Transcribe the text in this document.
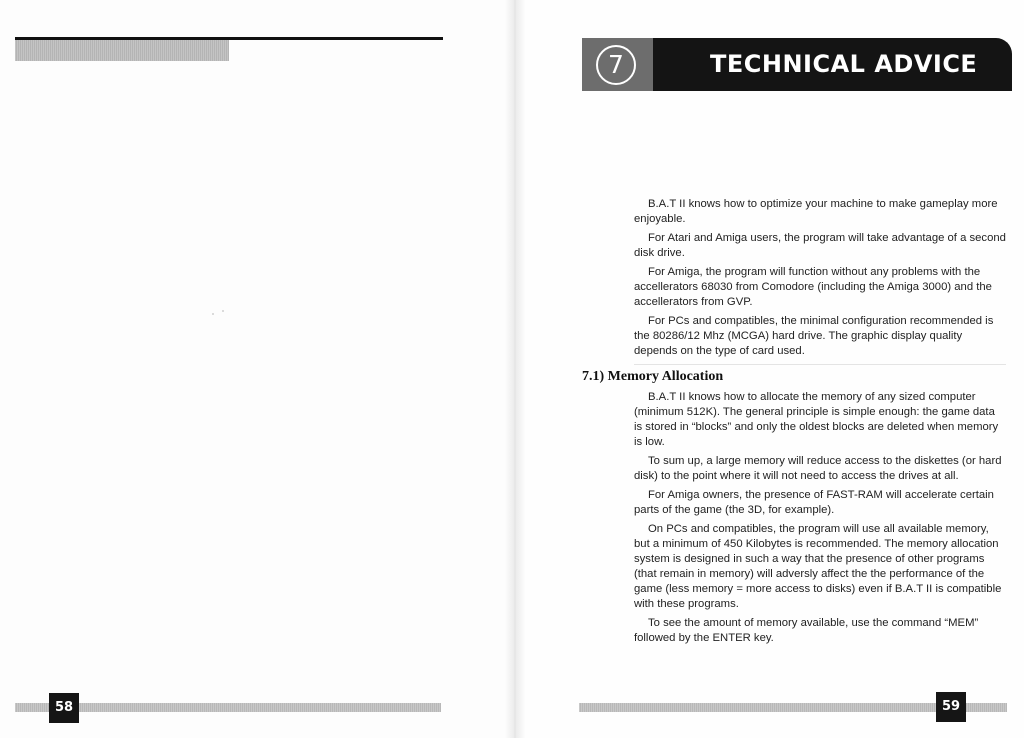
58
7	TECHNICAL ADVICE

B.A.T II knows how to optimize your machine to make gameplay more enjoyable.

For Atari and Amiga users, the program will take advantage of a second disk drive.

For Amiga, the program will function without any problems with the accellerators 68030 from Comodore (including the Amiga 3000) and the accellerators from GVP.

For PCs and compatibles, the minimal configuration recommended is the 80286/12 Mhz (MCGA) hard drive. The graphic display quality depends on the type of card used.

7.1) Memory Allocation

B.A.T II knows how to allocate the memory of any sized computer (minimum 512K). The general principle is simple enough: the game data is stored in “blocks” and only the oldest blocks are deleted when memory is low.

To sum up, a large memory will reduce access to the diskettes (or hard disk) to the point where it will not need to access the drives at all.

For Amiga owners, the presence of FAST-RAM will accelerate certain parts of the game (the 3D, for example).

On PCs and compatibles, the program will use all available memory, but a minimum of 450 Kilobytes is recommended. The memory allocation system is designed in such a way that the presence of other programs (that remain in memory) will adversly affect the the performance of the game (less memory = more access to disks) even if B.A.T II is compatible with these programs.

To see the amount of memory available, use the command “MEM” followed by the ENTER key.

59
